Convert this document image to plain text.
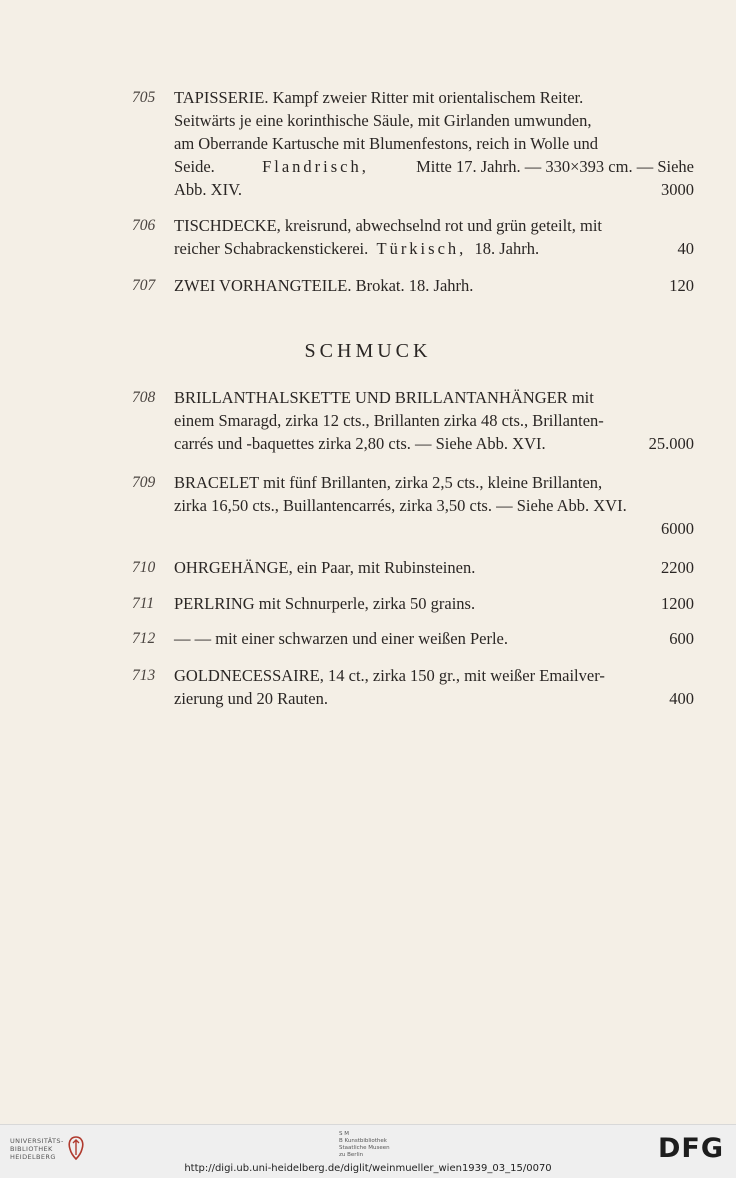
705	TAPISSERIE. Kampf zweier Ritter mit orientalischem Reiter.
Seitwärts je eine korinthische Säule, mit Girlanden umwunden,
am Oberrande Kartusche mit Blumenfestons, reich in Wolle und
Seide.	Flandrisch,	Mitte 17. Jahrh. — 330×393 cm. — Siehe
Abb. XIV.	3000
706	TISCHDECKE, kreisrund, abwechselnd rot und grün geteilt, mit
reicher Schabrackenstickerei. Türkisch, 18. Jahrh.	40
707	ZWEI VORHANGTEILE. Brokat. 18. Jahrh.	120
SCHMUCK
708	BRILLANTHALSKETTE UND BRILLANTANHÄNGER mit
einem Smaragd, zirka 12 cts., Brillanten zirka 48 cts., Brillanten-
carrés und -baquettes zirka 2,80 cts. — Siehe Abb. XVI.	25.000
709	BRACELET mit fünf Brillanten, zirka 2,5 cts., kleine Brillanten,
zirka 16,50 cts., Buillantencarrés, zirka 3,50 cts. — Siehe Abb. XVI.
6000
710	OHRGEHÄNGE, ein Paar, mit Rubinsteinen.	2200
711	PERLRING mit Schnurperle, zirka 50 grains.	1200
712	— — mit einer schwarzen und einer weißen Perle.	600
713	GOLDNECESSAIRE, 14 ct., zirka 150 gr., mit weißer Emailver-
zierung und 20 Rauten.	400
UNIVERSITÄTS-
BIBLIOTHEK
HEIDELBERG
S M
B Kunstbibliothek
Staatliche Museen
zu Berlin
http://digi.ub.uni-heidelberg.de/diglit/weinmueller_wien1939_03_15/0070
DFG
